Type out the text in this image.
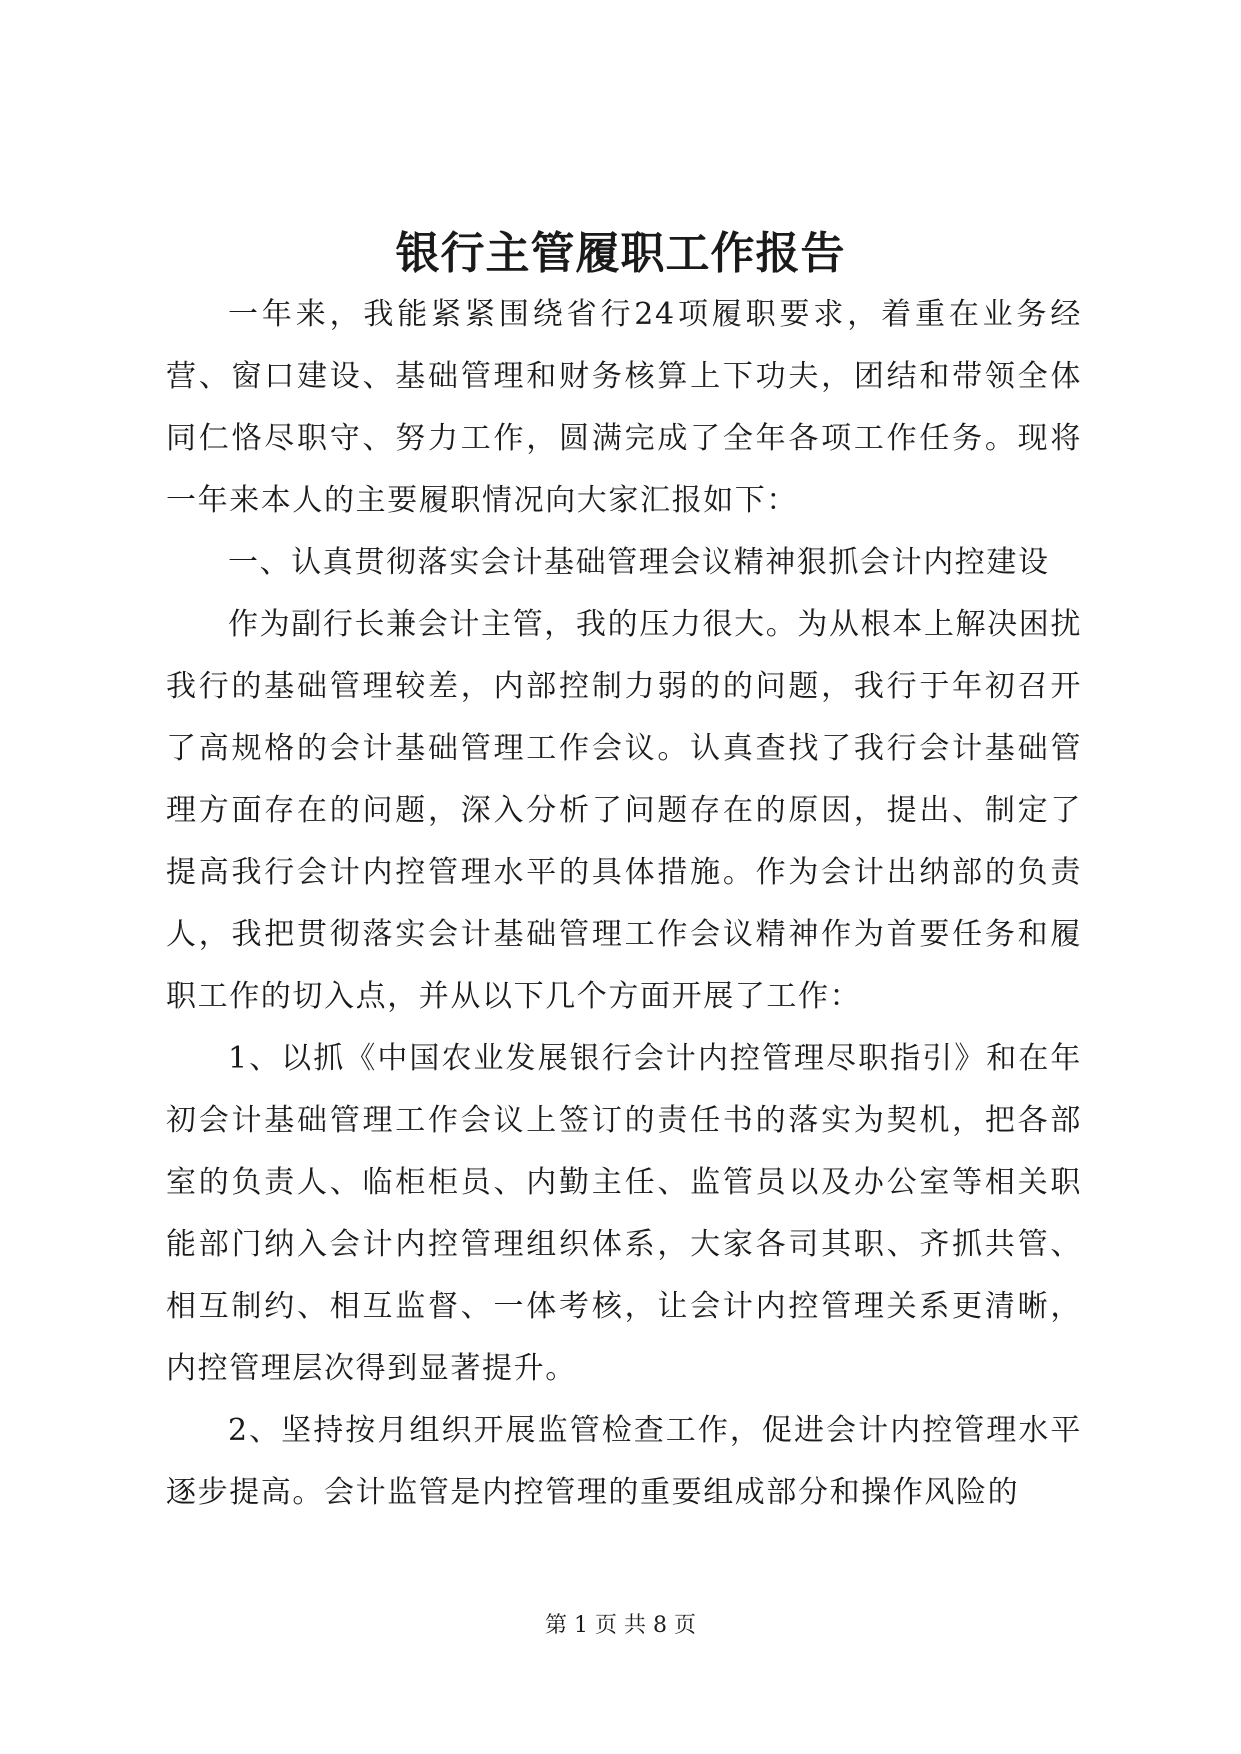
银行主管履职工作报告

一年来，我能紧紧围绕省行24项履职要求，着重在业务经营、窗口建设、基础管理和财务核算上下功夫，团结和带领全体同仁恪尽职守、努力工作，圆满完成了全年各项工作任务。现将一年来本人的主要履职情况向大家汇报如下：

一、认真贯彻落实会计基础管理会议精神狠抓会计内控建设

作为副行长兼会计主管，我的压力很大。为从根本上解决困扰我行的基础管理较差，内部控制力弱的的问题，我行于年初召开了高规格的会计基础管理工作会议。认真查找了我行会计基础管理方面存在的问题，深入分析了问题存在的原因，提出、制定了提高我行会计内控管理水平的具体措施。作为会计出纳部的负责人，我把贯彻落实会计基础管理工作会议精神作为首要任务和履职工作的切入点，并从以下几个方面开展了工作：

1、以抓《中国农业发展银行会计内控管理尽职指引》和在年初会计基础管理工作会议上签订的责任书的落实为契机，把各部室的负责人、临柜柜员、内勤主任、监管员以及办公室等相关职能部门纳入会计内控管理组织体系，大家各司其职、齐抓共管、相互制约、相互监督、一体考核，让会计内控管理关系更清晰，内控管理层次得到显著提升。

2、坚持按月组织开展监管检查工作，促进会计内控管理水平逐步提高。会计监管是内控管理的重要组成部分和操作风险的

第 1 页 共 8 页
